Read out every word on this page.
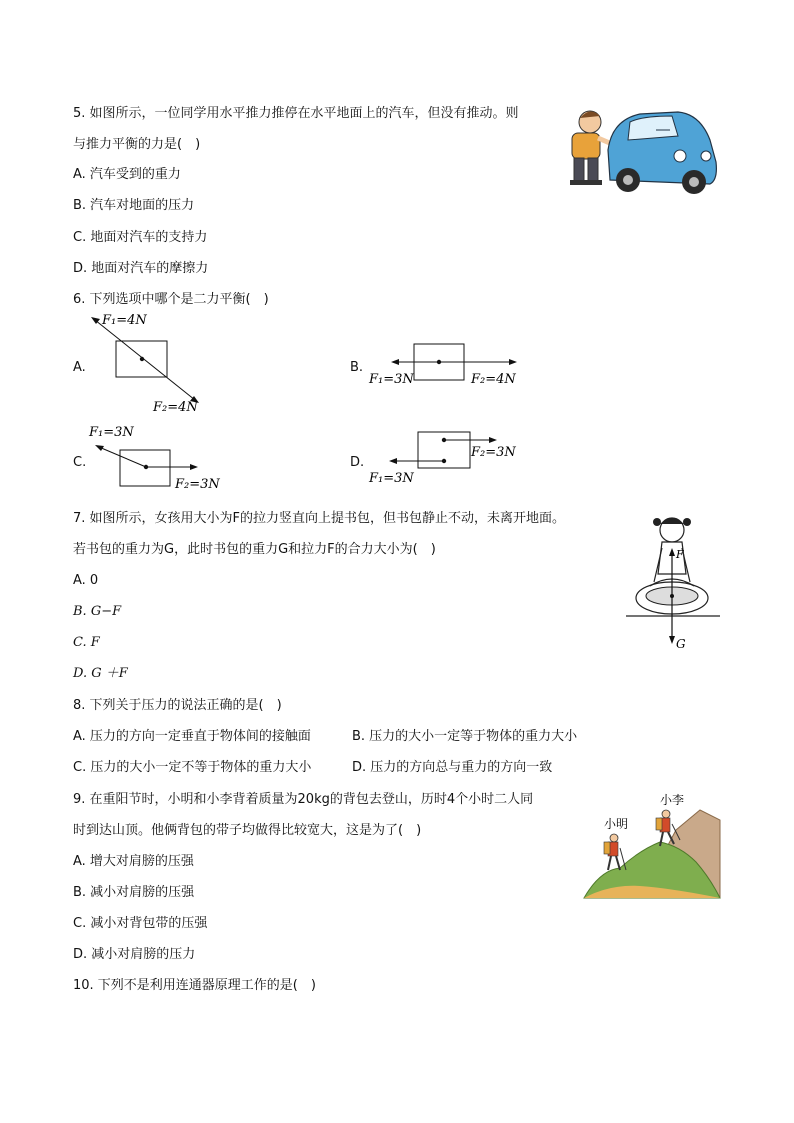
5. 如图所示，一位同学用水平推力推停在水平地面上的汽车，但没有推动。则
与推力平衡的力是(　)
A. 汽车受到的重力
B. 汽车对地面的压力
C. 地面对汽车的支持力
D. 地面对汽车的摩擦力
6. 下列选项中哪个是二力平衡(　)
A.	B.
C.	D.
F₁=4N
F₂=4N
F₁=3N	F₂=4N
F₁=3N
F₂=3N	F₁=3N
F₂=3N
7. 如图所示，女孩用大小为F的拉力竖直向上提书包，但书包静止不动，未离开地面。
若书包的重力为G，此时书包的重力G和拉力F的合力大小为(　)
A. 0
B. G−F
C. F
D. G ＋F
F
G
8. 下列关于压力的说法正确的是(　)
A. 压力的方向一定垂直于物体间的接触面	B. 压力的大小一定等于物体的重力大小
C. 压力的大小一定不等于物体的重力大小	D. 压力的方向总与重力的方向一致
9. 在重阳节时，小明和小李背着质量为20kg的背包去登山，历时4个小时二人同
时到达山顶。他俩背包的带子均做得比较宽大，这是为了(　)
A. 增大对肩膀的压强
B. 减小对肩膀的压强
C. 减小对背包带的压强
D. 减小对肩膀的压力
小明
小李
10. 下列不是利用连通器原理工作的是(　)
